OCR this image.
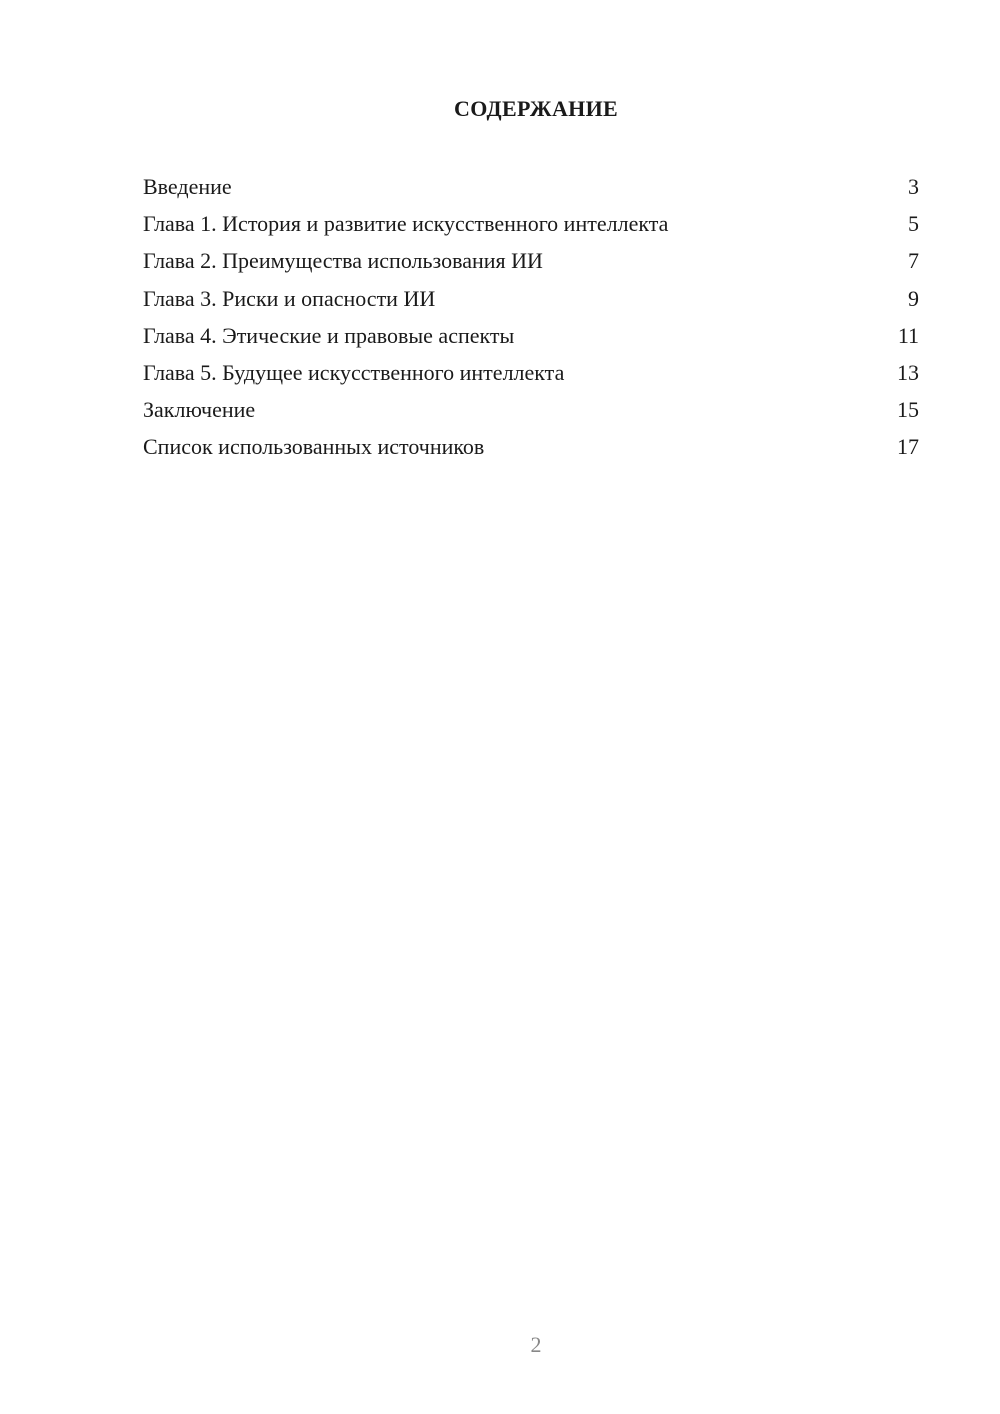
СОДЕРЖАНИЕ
Введение	3
Глава 1. История и развитие искусственного интеллекта	5
Глава 2. Преимущества использования ИИ	7
Глава 3. Риски и опасности ИИ	9
Глава 4. Этические и правовые аспекты	11
Глава 5. Будущее искусственного интеллекта	13
Заключение	15
Список использованных источников	17
2
